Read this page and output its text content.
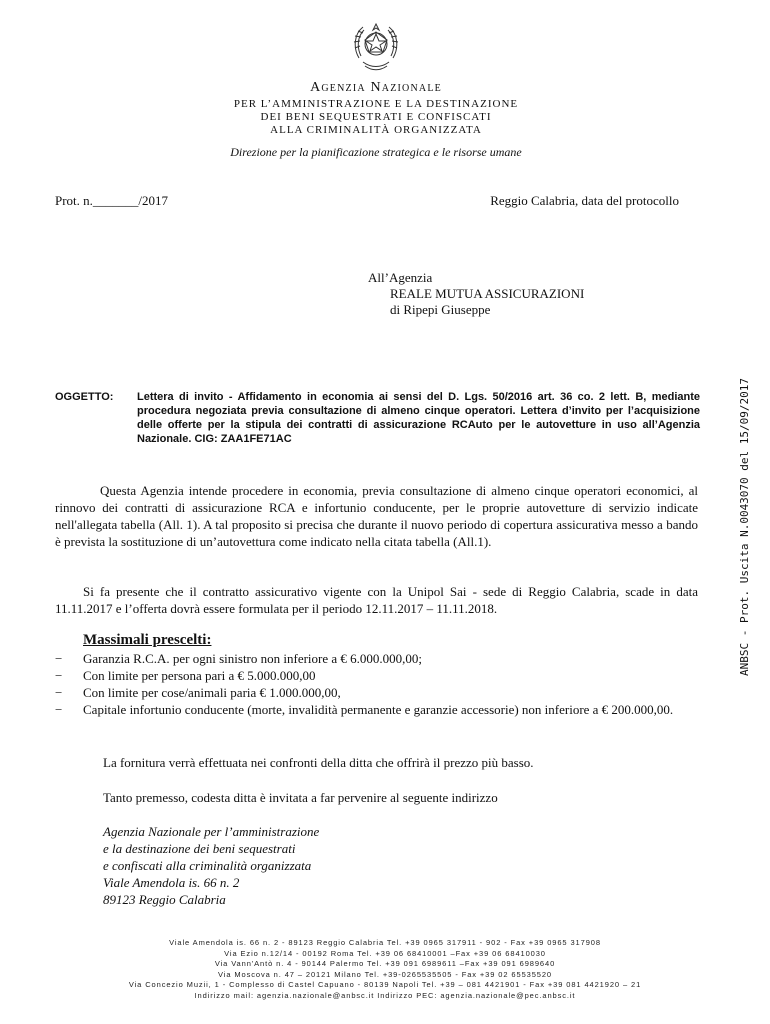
Agenzia Nazionale
PER L’AMMINISTRAZIONE E LA DESTINAZIONE
DEI BENI SEQUESTRATI E CONFISCATI
ALLA CRIMINALITÀ ORGANIZZATA
Direzione per la pianificazione strategica e le risorse umane
Prot. n._______/2017	Reggio Calabria, data del protocollo
All’Agenzia
REALE MUTUA ASSICURAZIONI
di Ripepi Giuseppe
ANBSC - Prot. Uscita N.0043070 del 15/09/2017
OGGETTO: Lettera di invito - Affidamento in economia ai sensi del D. Lgs. 50/2016 art. 36 co. 2 lett. B, mediante procedura negoziata previa consultazione di almeno cinque operatori. Lettera d’invito per l’acquisizione delle offerte per la stipula dei contratti di assicurazione RCAuto per le autovetture in uso all’Agenzia Nazionale. CIG: ZAA1FE71AC
Questa Agenzia intende procedere in economia, previa consultazione di almeno cinque operatori economici, al rinnovo dei contratti di assicurazione RCA e infortunio conducente, per le proprie autovetture di servizio indicate nell'allegata tabella (All. 1). A tal proposito si precisa che durante il nuovo periodo di copertura assicurativa messo a bando è prevista la sostituzione di un’autovettura come indicato nella citata tabella (All.1).
Si fa presente che il contratto assicurativo vigente con la Unipol Sai - sede di Reggio Calabria, scade in data 11.11.2017 e l’offerta dovrà essere formulata per il periodo 12.11.2017 – 11.11.2018.
Massimali prescelti:
− Garanzia R.C.A. per ogni sinistro non inferiore a € 6.000.000,00;
− Con limite per persona pari a € 5.000.000,00
− Con limite per cose/animali paria € 1.000.000,00,
− Capitale infortunio conducente (morte, invalidità permanente e garanzie accessorie) non inferiore a € 200.000,00.
La fornitura verrà effettuata nei confronti della ditta che offrirà il prezzo più basso.
Tanto premesso, codesta ditta è invitata a far pervenire al seguente indirizzo
Agenzia Nazionale per l’amministrazione
e la destinazione dei beni sequestrati
e confiscati alla criminalità organizzata
Viale Amendola is. 66 n. 2
89123 Reggio Calabria
Viale Amendola is. 66 n. 2 - 89123 Reggio Calabria Tel. +39 0965 317911 - 902 - Fax +39 0965 317908
Via Ezio n.12/14 - 00192 Roma Tel. +39 06 68410001 –Fax +39 06 68410030
Via Vann'Antò n. 4 - 90144 Palermo Tel. +39 091 6989611 –Fax +39 091 6989640
Via Moscova n. 47 – 20121 Milano Tel. +39-0265535505 - Fax +39 02 65535520
Via Concezio Muzii, 1 - Complesso di Castel Capuano - 80139 Napoli Tel. +39 – 081 4421901 - Fax +39 081 4421920 – 21
Indirizzo mail: agenzia.nazionale@anbsc.it Indirizzo PEC: agenzia.nazionale@pec.anbsc.it
